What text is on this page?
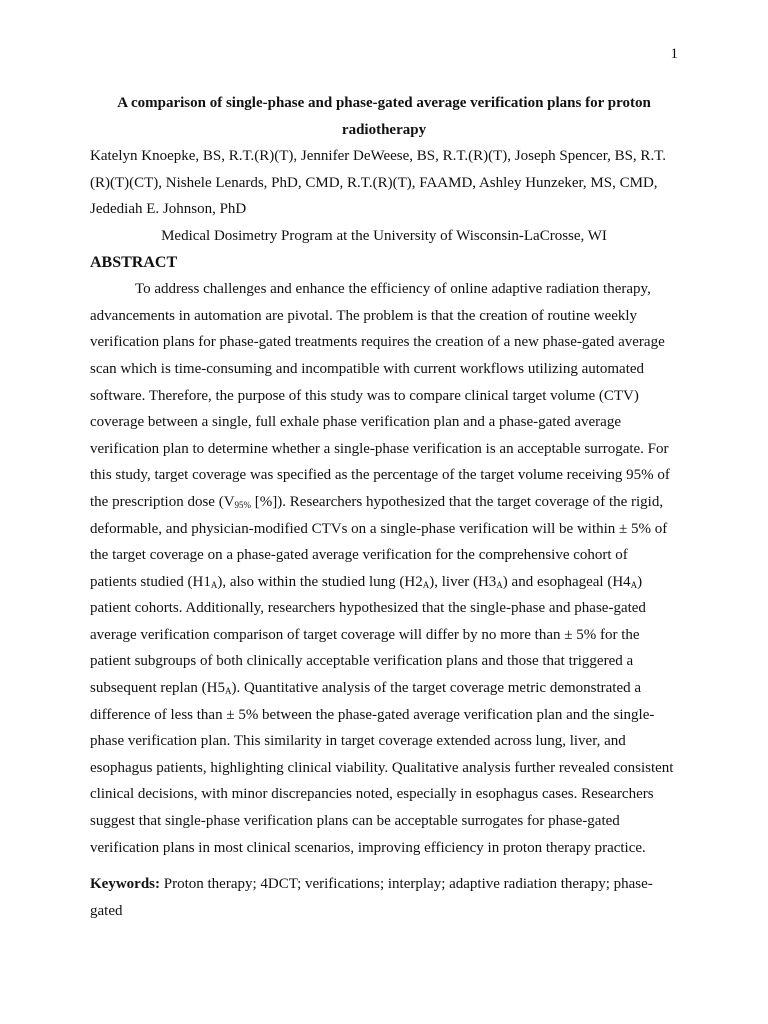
1

A comparison of single-phase and phase-gated average verification plans for proton radiotherapy

Katelyn Knoepke, BS, R.T.(R)(T), Jennifer DeWeese, BS, R.T.(R)(T), Joseph Spencer, BS, R.T.(R)(T)(CT), Nishele Lenards, PhD, CMD, R.T.(R)(T), FAAMD, Ashley Hunzeker, MS, CMD, Jedediah E. Johnson, PhD

Medical Dosimetry Program at the University of Wisconsin-LaCrosse, WI

ABSTRACT

To address challenges and enhance the efficiency of online adaptive radiation therapy, advancements in automation are pivotal. The problem is that the creation of routine weekly verification plans for phase-gated treatments requires the creation of a new phase-gated average scan which is time-consuming and incompatible with current workflows utilizing automated software. Therefore, the purpose of this study was to compare clinical target volume (CTV) coverage between a single, full exhale phase verification plan and a phase-gated average verification plan to determine whether a single-phase verification is an acceptable surrogate. For this study, target coverage was specified as the percentage of the target volume receiving 95% of the prescription dose ($V_{95\%}$ [%]). Researchers hypothesized that the target coverage of the rigid, deformable, and physician-modified CTVs on a single-phase verification will be within ± 5% of the target coverage on a phase-gated average verification for the comprehensive cohort of patients studied $(H1_A)$, also within the studied lung $(H2_A)$, liver $(H3_A)$ and esophageal $(H4_A)$ patient cohorts. Additionally, researchers hypothesized that the single-phase and phase-gated average verification comparison of target coverage will differ by no more than ± 5% for the patient subgroups of both clinically acceptable verification plans and those that triggered a subsequent replan $(H5_A)$. Quantitative analysis of the target coverage metric demonstrated a difference of less than ± 5% between the phase-gated average verification plan and the single-phase verification plan. This similarity in target coverage extended across lung, liver, and esophagus patients, highlighting clinical viability. Qualitative analysis further revealed consistent clinical decisions, with minor discrepancies noted, especially in esophagus cases. Researchers suggest that single-phase verification plans can be acceptable surrogates for phase-gated verification plans in most clinical scenarios, improving efficiency in proton therapy practice.

Keywords: Proton therapy; 4DCT; verifications; interplay; adaptive radiation therapy; phase-gated
